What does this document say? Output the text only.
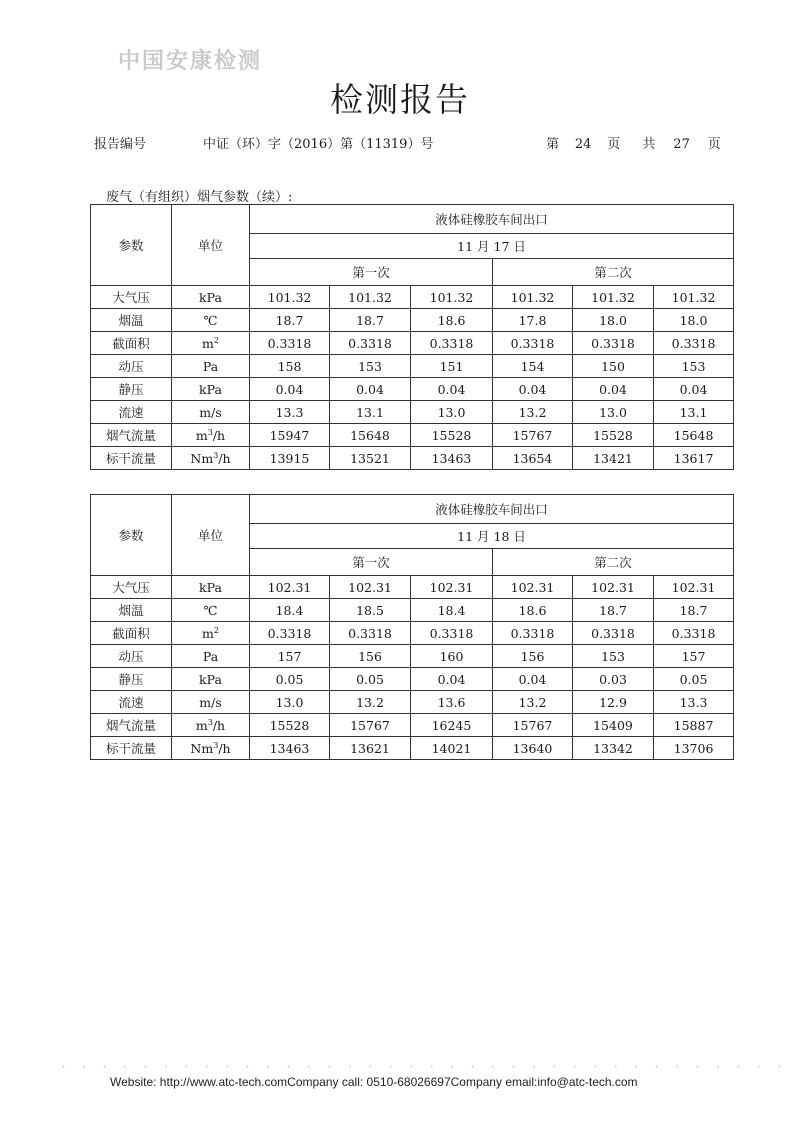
中国安康检测
检测报告
报告编号	中证（环）字（2016）第（11319）号	第 24 页 共 27 页
废气（有组织）烟气参数（续）:
参数	单位	液体硅橡胶车间出口					
		11 月 17 日					
		第一次			第二次		
大气压	kPa	101.32	101.32	101.32	101.32	101.32	101.32
烟温	℃	18.7	18.7	18.6	17.8	18.0	18.0
截面积	$m^2$	0.3318	0.3318	0.3318	0.3318	0.3318	0.3318
动压	Pa	158	153	151	154	150	153
静压	kPa	0.04	0.04	0.04	0.04	0.04	0.04
流速	m/s	13.3	13.1	13.0	13.2	13.0	13.1
烟气流量	$m^3/h$	15947	15648	15528	15767	15528	15648
标干流量	Nm$^3$/h	13915	13521	13463	13654	13421	13617
参数	单位	液体硅橡胶车间出口					
		11 月 18 日					
		第一次			第二次		
大气压	kPa	102.31	102.31	102.31	102.31	102.31	102.31
烟温	℃	18.4	18.5	18.4	18.6	18.7	18.7
截面积	$m^2$	0.3318	0.3318	0.3318	0.3318	0.3318	0.3318
动压	Pa	157	156	160	156	153	157
静压	kPa	0.05	0.05	0.04	0.04	0.03	0.05
流速	m/s	13.0	13.2	13.6	13.2	12.9	13.3
烟气流量	$m^3/h$	15528	15767	16245	15767	15409	15887
标干流量	Nm$^3$/h	13463	13621	14021	13640	13342	13706
· · · · · · · · · · · · · · · · · · · · · · · · · · · · · · · · · · · ·
Website: http://www.atc-tech.comCompany call: 0510-68026697Company email:info@atc-tech.com
